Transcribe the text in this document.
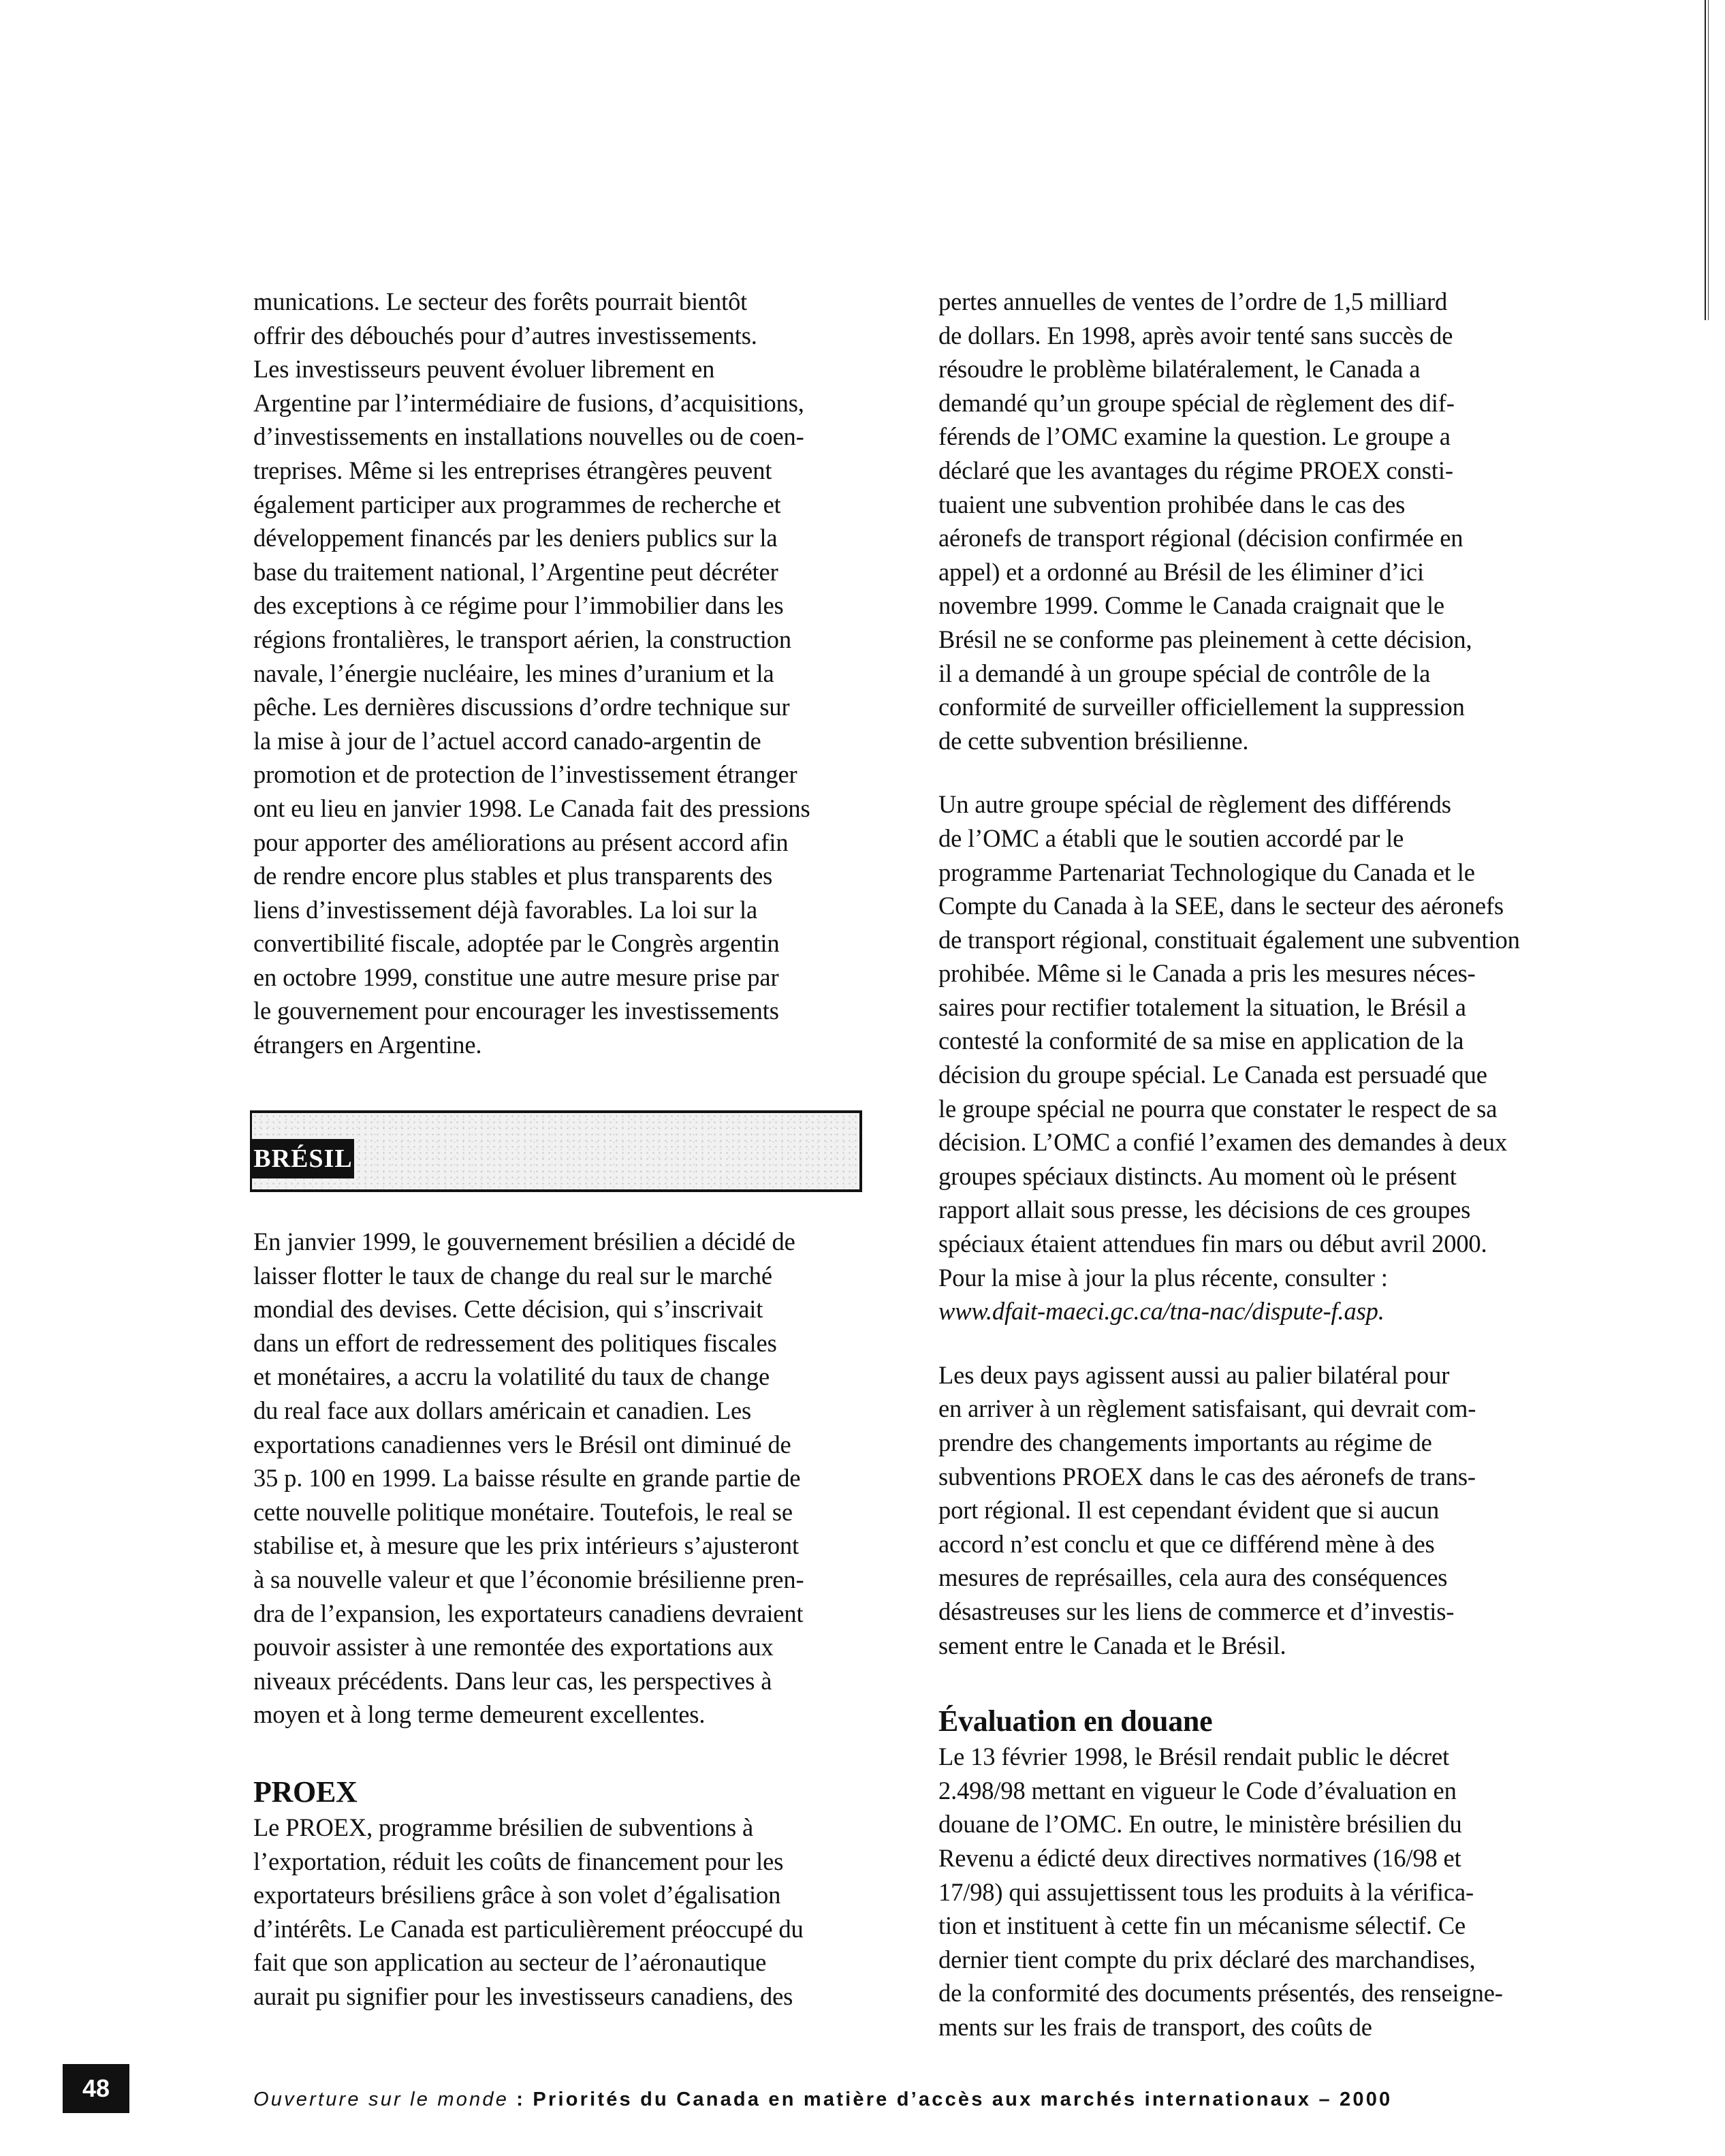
munications. Le secteur des forêts pourrait bientôt
offrir des débouchés pour d’autres investissements.
Les investisseurs peuvent évoluer librement en
Argentine par l’intermédiaire de fusions, d’acquisitions,
d’investissements en installations nouvelles ou de coen-
treprises. Même si les entreprises étrangères peuvent
également participer aux programmes de recherche et
développement financés par les deniers publics sur la
base du traitement national, l’Argentine peut décréter
des exceptions à ce régime pour l’immobilier dans les
régions frontalières, le transport aérien, la construction
navale, l’énergie nucléaire, les mines d’uranium et la
pêche. Les dernières discussions d’ordre technique sur
la mise à jour de l’actuel accord canado-argentin de
promotion et de protection de l’investissement étranger
ont eu lieu en janvier 1998. Le Canada fait des pressions
pour apporter des améliorations au présent accord afin
de rendre encore plus stables et plus transparents des
liens d’investissement déjà favorables. La loi sur la
convertibilité fiscale, adoptée par le Congrès argentin
en octobre 1999, constitue une autre mesure prise par
le gouvernement pour encourager les investissements
étrangers en Argentine.

BRÉSIL

En janvier 1999, le gouvernement brésilien a décidé de
laisser flotter le taux de change du real sur le marché
mondial des devises. Cette décision, qui s’inscrivait
dans un effort de redressement des politiques fiscales
et monétaires, a accru la volatilité du taux de change
du real face aux dollars américain et canadien. Les
exportations canadiennes vers le Brésil ont diminué de
35 p. 100 en 1999. La baisse résulte en grande partie de
cette nouvelle politique monétaire. Toutefois, le real se
stabilise et, à mesure que les prix intérieurs s’ajusteront
à sa nouvelle valeur et que l’économie brésilienne pren-
dra de l’expansion, les exportateurs canadiens devraient
pouvoir assister à une remontée des exportations aux
niveaux précédents. Dans leur cas, les perspectives à
moyen et à long terme demeurent excellentes.

PROEX

Le PROEX, programme brésilien de subventions à
l’exportation, réduit les coûts de financement pour les
exportateurs brésiliens grâce à son volet d’égalisation
d’intérêts. Le Canada est particulièrement préoccupé du
fait que son application au secteur de l’aéronautique
aurait pu signifier pour les investisseurs canadiens, des

pertes annuelles de ventes de l’ordre de 1,5 milliard
de dollars. En 1998, après avoir tenté sans succès de
résoudre le problème bilatéralement, le Canada a
demandé qu’un groupe spécial de règlement des dif-
férends de l’OMC examine la question. Le groupe a
déclaré que les avantages du régime PROEX consti-
tuaient une subvention prohibée dans le cas des
aéronefs de transport régional (décision confirmée en
appel) et a ordonné au Brésil de les éliminer d’ici
novembre 1999. Comme le Canada craignait que le
Brésil ne se conforme pas pleinement à cette décision,
il a demandé à un groupe spécial de contrôle de la
conformité de surveiller officiellement la suppression
de cette subvention brésilienne.

Un autre groupe spécial de règlement des différends
de l’OMC a établi que le soutien accordé par le
programme Partenariat Technologique du Canada et le
Compte du Canada à la SEE, dans le secteur des aéronefs
de transport régional, constituait également une subvention
prohibée. Même si le Canada a pris les mesures néces-
saires pour rectifier totalement la situation, le Brésil a
contesté la conformité de sa mise en application de la
décision du groupe spécial. Le Canada est persuadé que
le groupe spécial ne pourra que constater le respect de sa
décision. L’OMC a confié l’examen des demandes à deux
groupes spéciaux distincts. Au moment où le présent
rapport allait sous presse, les décisions de ces groupes
spéciaux étaient attendues fin mars ou début avril 2000.
Pour la mise à jour la plus récente, consulter :
www.dfait-maeci.gc.ca/tna-nac/dispute-f.asp.

Les deux pays agissent aussi au palier bilatéral pour
en arriver à un règlement satisfaisant, qui devrait com-
prendre des changements importants au régime de
subventions PROEX dans le cas des aéronefs de trans-
port régional. Il est cependant évident que si aucun
accord n’est conclu et que ce différend mène à des
mesures de représailles, cela aura des conséquences
désastreuses sur les liens de commerce et d’investis-
sement entre le Canada et le Brésil.

Évaluation en douane

Le 13 février 1998, le Brésil rendait public le décret
2.498/98 mettant en vigueur le Code d’évaluation en
douane de l’OMC. En outre, le ministère brésilien du
Revenu a édicté deux directives normatives (16/98 et
17/98) qui assujettissent tous les produits à la vérifica-
tion et instituent à cette fin un mécanisme sélectif. Ce
dernier tient compte du prix déclaré des marchandises,
de la conformité des documents présentés, des renseigne-
ments sur les frais de transport, des coûts de

48	Ouverture sur le monde : Priorités du Canada en matière d’accès aux marchés internationaux – 2000
